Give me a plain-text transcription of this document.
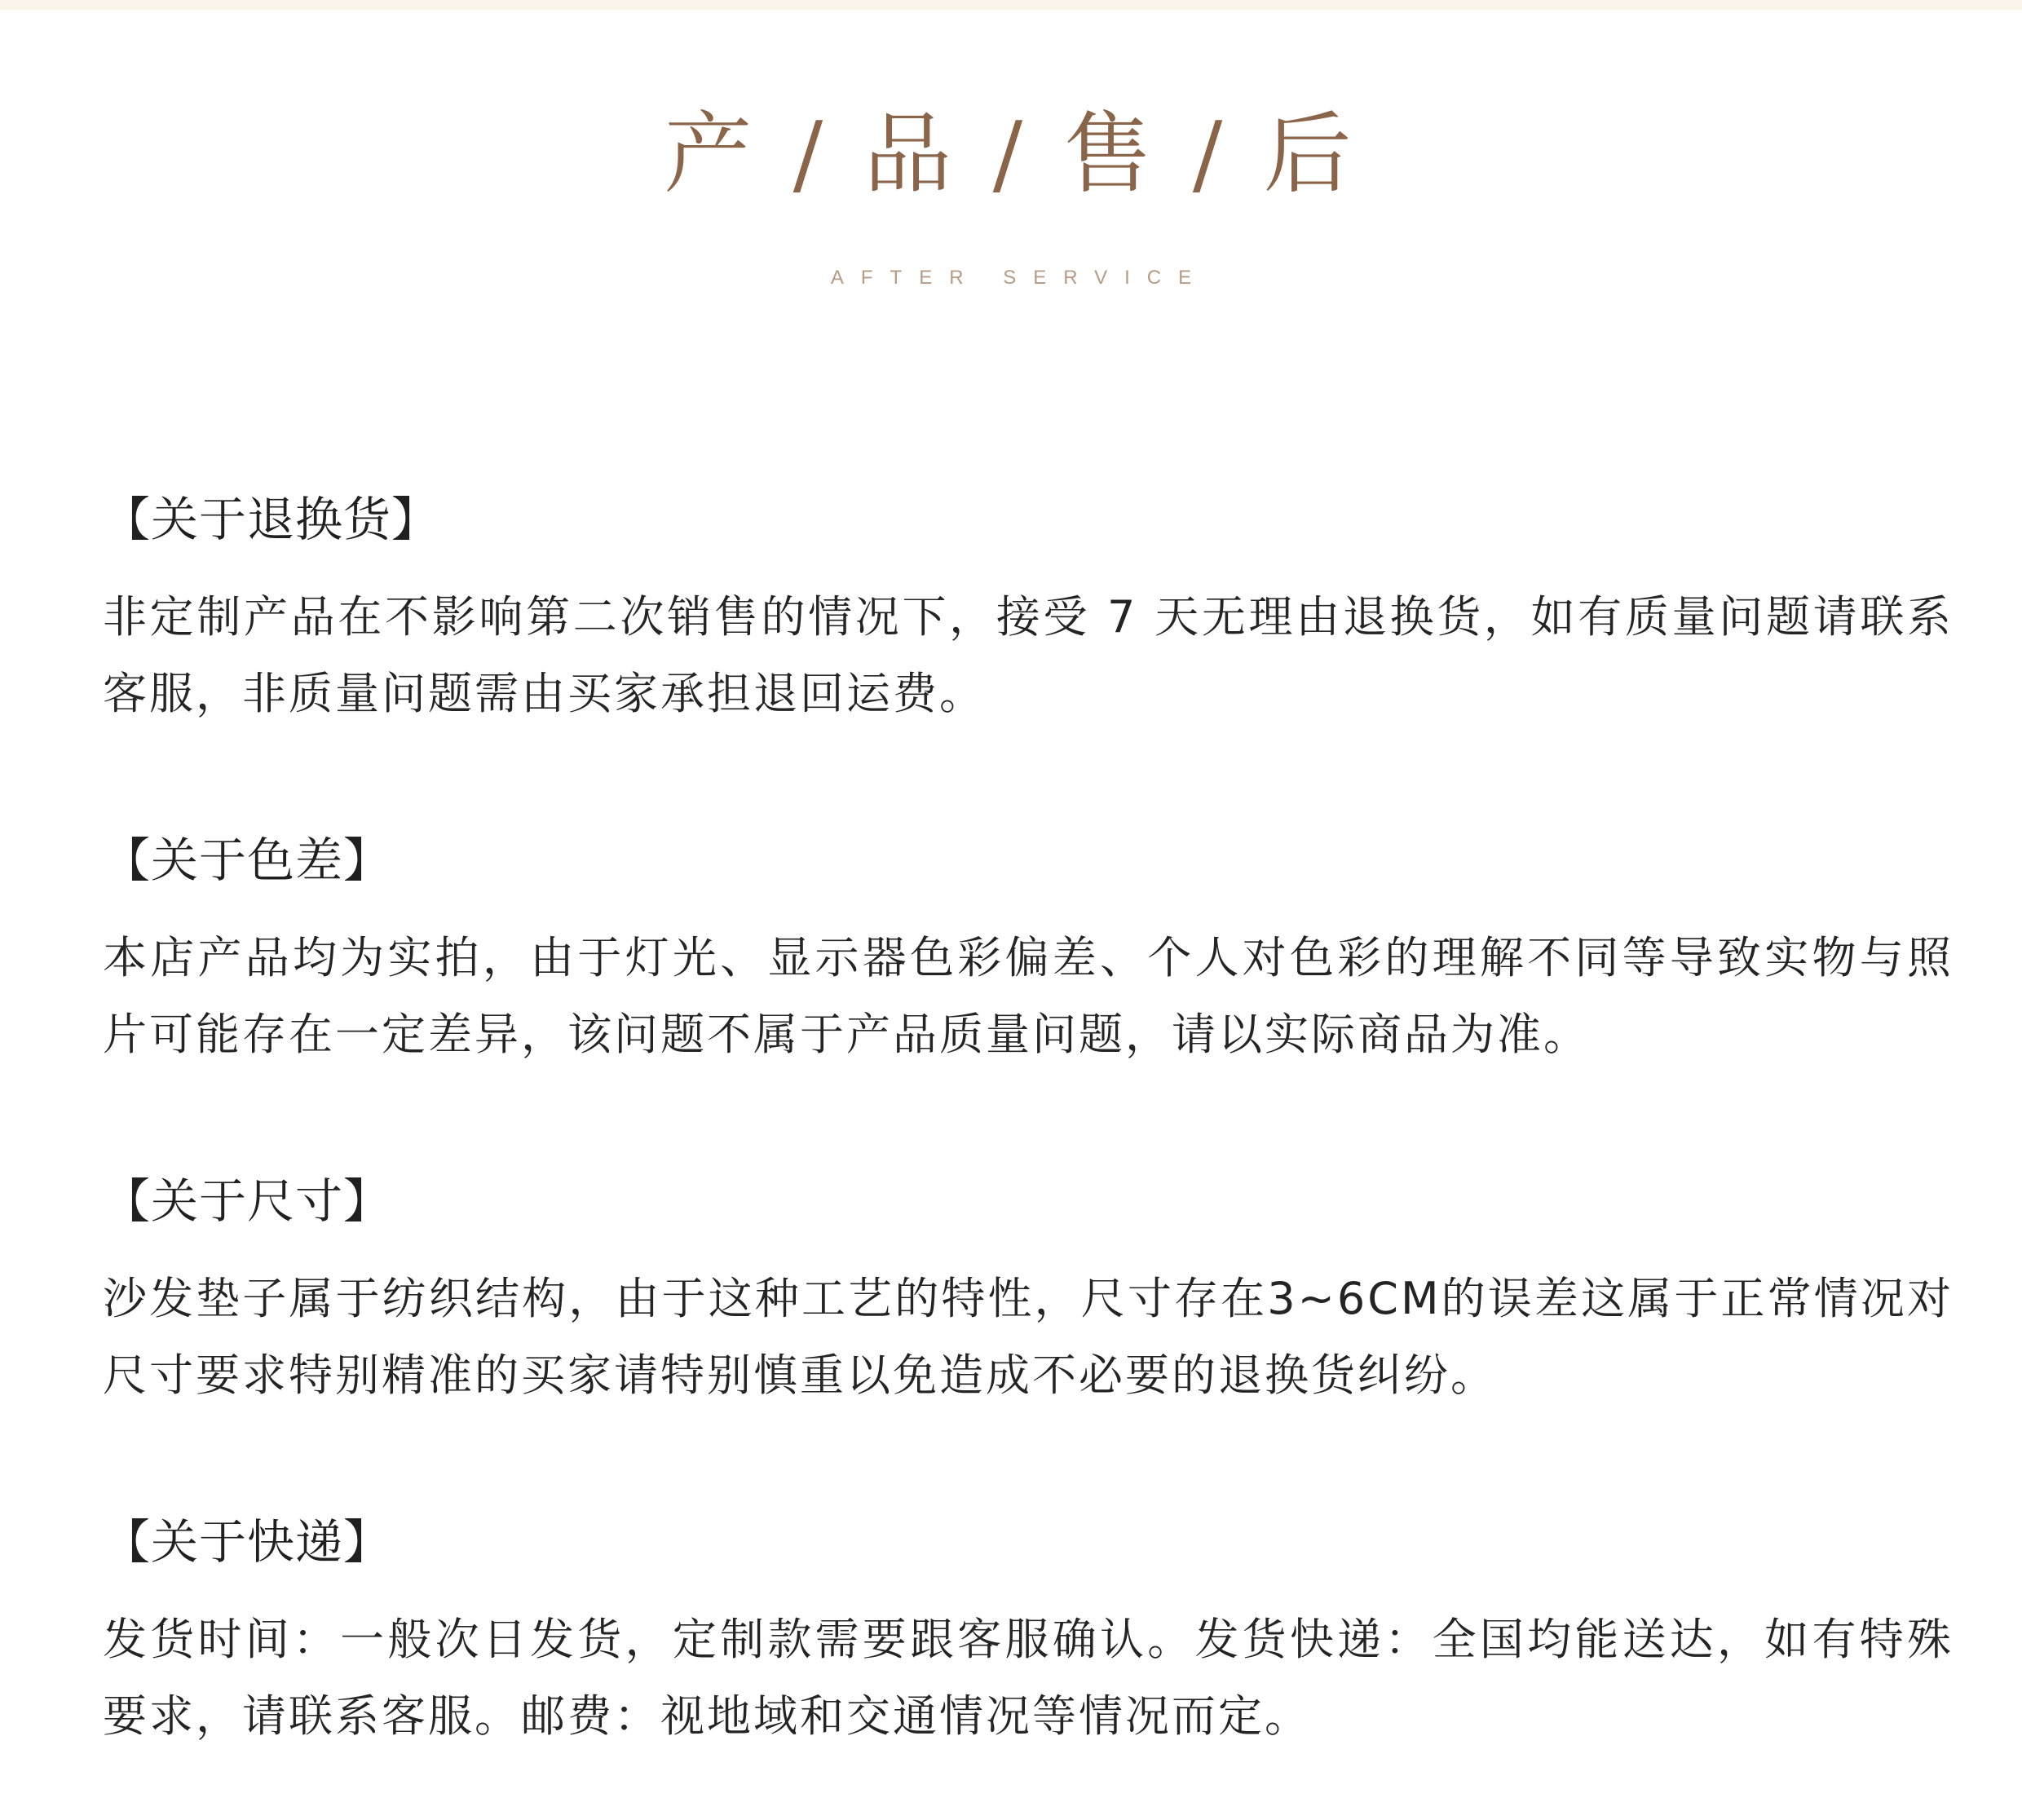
产 / 品 / 售 / 后
AFTER SERVICE
【关于退换货】

非定制产品在不影响第二次销售的情况下，接受 7 天无理由退换货，如有质量问题请联系客服，非质量问题需由买家承担退回运费。

【关于色差】

本店产品均为实拍，由于灯光、显示器色彩偏差、个人对色彩的理解不同等导致实物与照片可能存在一定差异，该问题不属于产品质量问题，请以实际商品为准。

【关于尺寸】

沙发垫子属于纺织结构，由于这种工艺的特性，尺寸存在3~6CM的误差这属于正常情况对尺寸要求特别精准的买家请特别慎重以免造成不必要的退换货纠纷。

【关于快递】

发货时间：一般次日发货，定制款需要跟客服确认。发货快递：全国均能送达，如有特殊要求，请联系客服。邮费：视地域和交通情况等情况而定。
